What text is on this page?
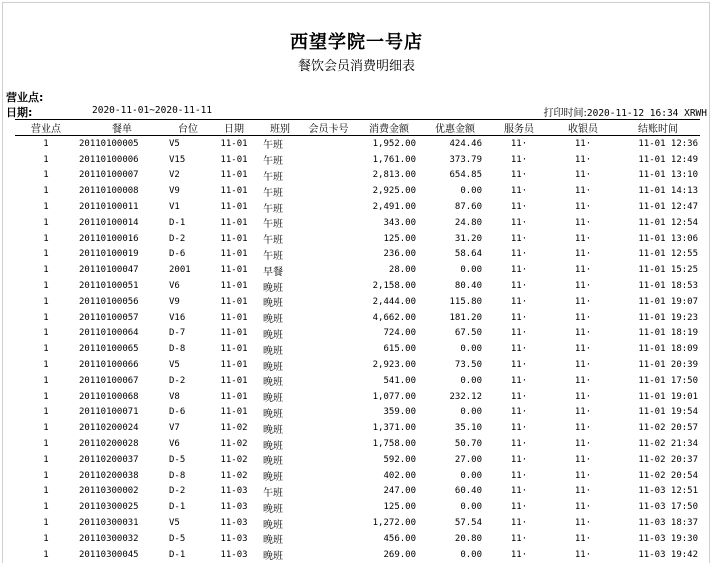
西望学院一号店
餐饮会员消费明细表
营业点:
日期:	2020-11-01~2020-11-11	打印时间:2020-11-12 16:34 XRWH
营业点	餐单	台位	日期	班别	会员卡号	消费金额	优惠金额	服务员	收银员	结账时间
1	20110100005	V5	11-01	午班		1,952.00	424.46	11·	11·	11-01 12:36
1	20110100006	V15	11-01	午班		1,761.00	373.79	11·	11·	11-01 12:49
1	20110100007	V2	11-01	午班		2,813.00	654.85	11·	11·	11-01 13:10
1	20110100008	V9	11-01	午班		2,925.00	0.00	11·	11·	11-01 14:13
1	20110100011	V1	11-01	午班		2,491.00	87.60	11·	11·	11-01 12:47
1	20110100014	D-1	11-01	午班		343.00	24.80	11·	11·	11-01 12:54
1	20110100016	D-2	11-01	午班		125.00	31.20	11·	11·	11-01 13:06
1	20110100019	D-6	11-01	午班		236.00	58.64	11·	11·	11-01 12:55
1	20110100047	2001	11-01	早餐		28.00	0.00	11·	11·	11-01 15:25
1	20110100051	V6	11-01	晚班		2,158.00	80.40	11·	11·	11-01 18:53
1	20110100056	V9	11-01	晚班		2,444.00	115.80	11·	11·	11-01 19:07
1	20110100057	V16	11-01	晚班		4,662.00	181.20	11·	11·	11-01 19:23
1	20110100064	D-7	11-01	晚班		724.00	67.50	11·	11·	11-01 18:19
1	20110100065	D-8	11-01	晚班		615.00	0.00	11·	11·	11-01 18:09
1	20110100066	V5	11-01	晚班		2,923.00	73.50	11·	11·	11-01 20:39
1	20110100067	D-2	11-01	晚班		541.00	0.00	11·	11·	11-01 17:50
1	20110100068	V8	11-01	晚班		1,077.00	232.12	11·	11·	11-01 19:01
1	20110100071	D-6	11-01	晚班		359.00	0.00	11·	11·	11-01 19:54
1	20110200024	V7	11-02	晚班		1,371.00	35.10	11·	11·	11-02 20:57
1	20110200028	V6	11-02	晚班		1,758.00	50.70	11·	11·	11-02 21:34
1	20110200037	D-5	11-02	晚班		592.00	27.00	11·	11·	11-02 20:37
1	20110200038	D-8	11-02	晚班		402.00	0.00	11·	11·	11-02 20:54
1	20110300002	D-2	11-03	午班		247.00	60.40	11·	11·	11-03 12:51
1	20110300025	D-1	11-03	晚班		125.00	0.00	11·	11·	11-03 17:50
1	20110300031	V5	11-03	晚班		1,272.00	57.54	11·	11·	11-03 18:37
1	20110300032	D-5	11-03	晚班		456.00	20.80	11·	11·	11-03 19:30
1	20110300045	D-1	11-03	晚班		269.00	0.00	11·	11·	11-03 19:42
